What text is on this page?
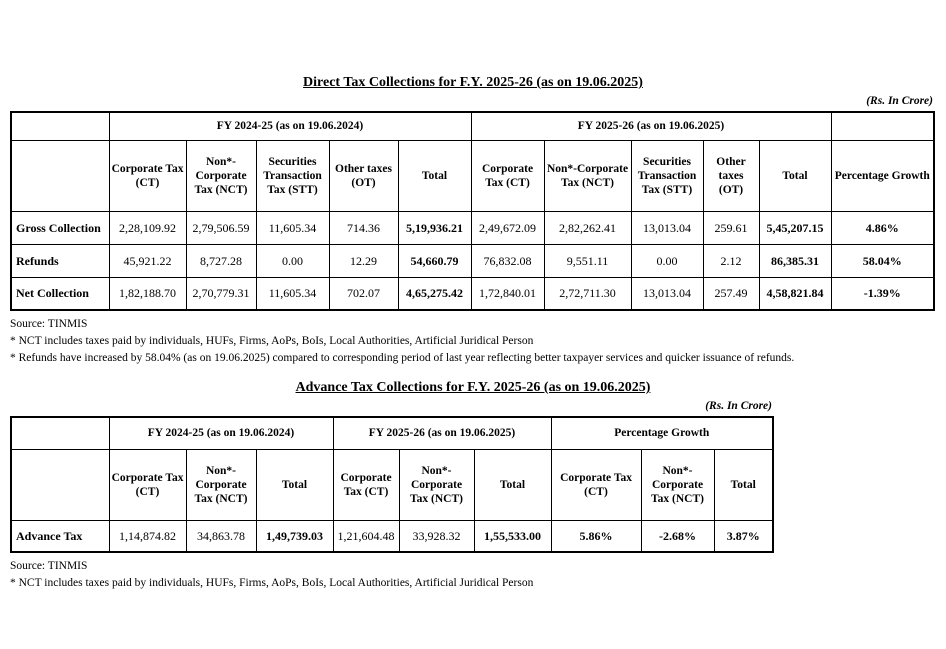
Direct Tax Collections for F.Y. 2025-26 (as on 19.06.2025)
(Rs. In Crore)
	FY 2024-25 (as on 19.06.2024)					FY 2025-26 (as on 19.06.2025)					
	Corporate Tax (CT)	Non*-Corporate Tax (NCT)	Securities Transaction Tax (STT)	Other taxes (OT)	Total	Corporate Tax (CT)	Non*-Corporate Tax (NCT)	Securities Transaction Tax (STT)	Other taxes (OT)	Total	Percentage Growth
Gross Collection	2,28,109.92	2,79,506.59	11,605.34	714.36	5,19,936.21	2,49,672.09	2,82,262.41	13,013.04	259.61	5,45,207.15	4.86%
Refunds	45,921.22	8,727.28	0.00	12.29	54,660.79	76,832.08	9,551.11	0.00	2.12	86,385.31	58.04%
Net Collection	1,82,188.70	2,70,779.31	11,605.34	702.07	4,65,275.42	1,72,840.01	2,72,711.30	13,013.04	257.49	4,58,821.84	-1.39%
Source: TINMIS
* NCT includes taxes paid by individuals, HUFs, Firms, AoPs, BoIs, Local Authorities, Artificial Juridical Person
* Refunds have increased by 58.04% (as on 19.06.2025) compared to corresponding period of last year reflecting better taxpayer services and quicker issuance of refunds.
Advance Tax Collections for F.Y. 2025-26 (as on 19.06.2025)
(Rs. In Crore)
	FY 2024-25 (as on 19.06.2024)			FY 2025-26 (as on 19.06.2025)			Percentage Growth		
	Corporate Tax (CT)	Non*-Corporate Tax (NCT)	Total	Corporate Tax (CT)	Non*-Corporate Tax (NCT)	Total	Corporate Tax (CT)	Non*-Corporate Tax (NCT)	Total
Advance Tax	1,14,874.82	34,863.78	1,49,739.03	1,21,604.48	33,928.32	1,55,533.00	5.86%	-2.68%	3.87%
Source: TINMIS
* NCT includes taxes paid by individuals, HUFs, Firms, AoPs, BoIs, Local Authorities, Artificial Juridical Person
